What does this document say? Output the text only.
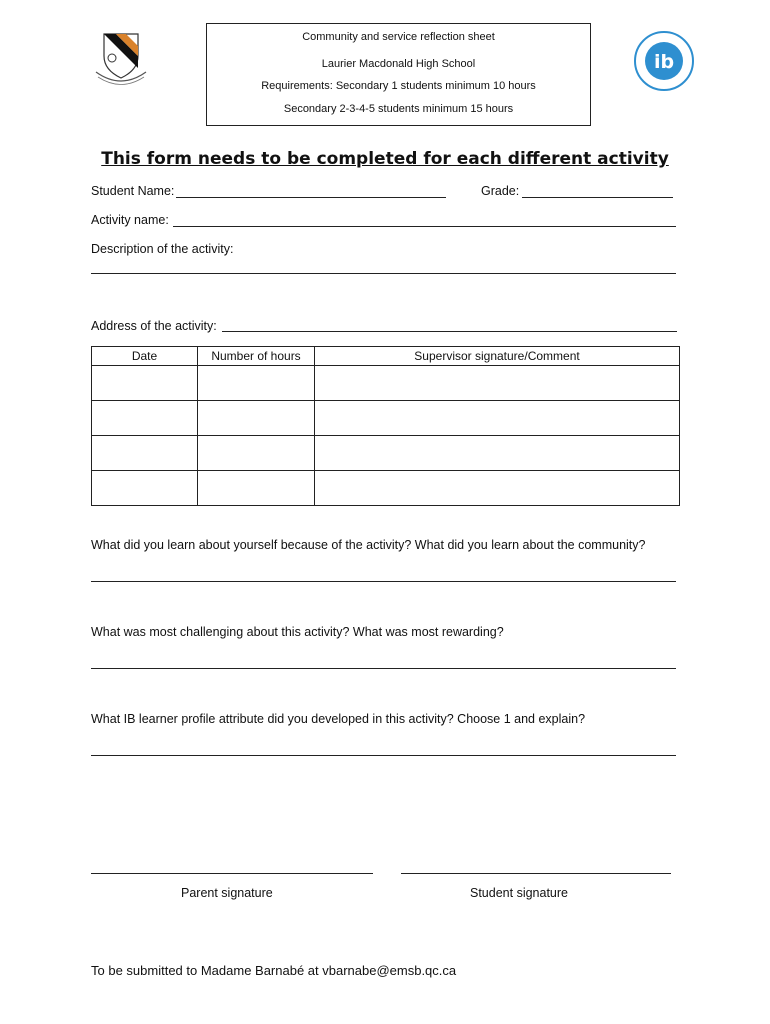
ib
Community and service reflection sheet
Laurier Macdonald High School
Requirements: Secondary 1 students minimum 10 hours
Secondary 2-3-4-5 students minimum 15 hours
This form needs to be completed for each different activity
Student Name:	Grade:
Activity name:
Description of the activity:
Address of the activity:
Date	Number of hours	Supervisor signature/Comment

What did you learn about yourself because of the activity? What did you learn about the community?
What was most challenging about this activity? What was most rewarding?
What IB learner profile attribute did you developed in this activity? Choose 1 and explain?
Parent signature	Student signature
To be submitted to Madame Barnabé at vbarnabe@emsb.qc.ca
